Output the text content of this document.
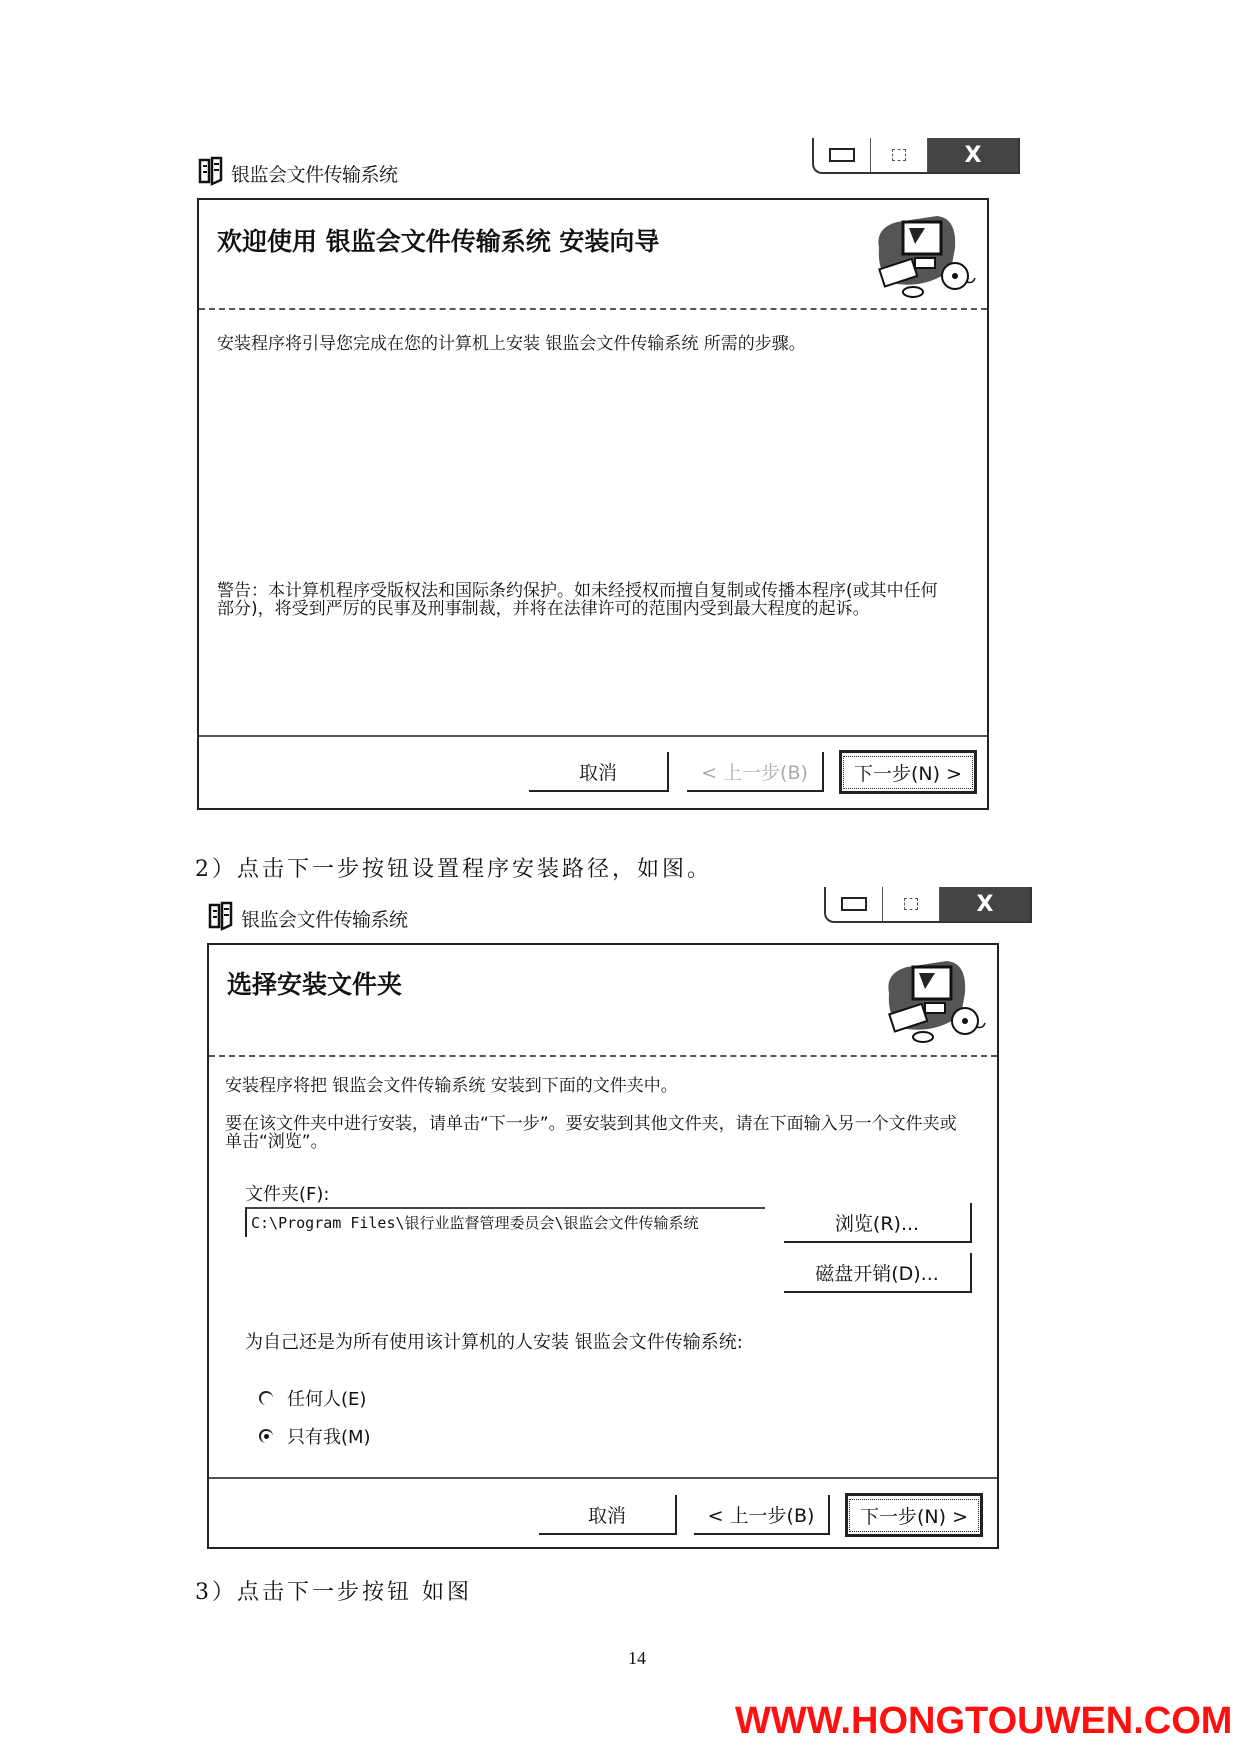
银监会文件传输系统
X
欢迎使用 银监会文件传输系统 安装向导
安装程序将引导您完成在您的计算机上安装 银监会文件传输系统 所需的步骤。
警告：本计算机程序受版权法和国际条约保护。如未经授权而擅自复制或传播本程序(或其中任何部分)，将受到严厉的民事及刑事制裁，并将在法律许可的范围内受到最大程度的起诉。
取消	< 上一步(B)	下一步(N) >
2）点击下一步按钮设置程序安装路径，如图。
银监会文件传输系统
X
选择安装文件夹
安装程序将把 银监会文件传输系统 安装到下面的文件夹中。
要在该文件夹中进行安装，请单击“下一步”。要安装到其他文件夹，请在下面输入另一个文件夹或单击“浏览”。
文件夹(F):
C:\Program Files\银行业监督管理委员会\银监会文件传输系统	浏览(R)...
磁盘开销(D)...
为自己还是为所有使用该计算机的人安装 银监会文件传输系统:
任何人(E)
只有我(M)
取消	< 上一步(B)	下一步(N) >
3）点击下一步按钮 如图
14
WWW.HONGTOUWEN.COM
